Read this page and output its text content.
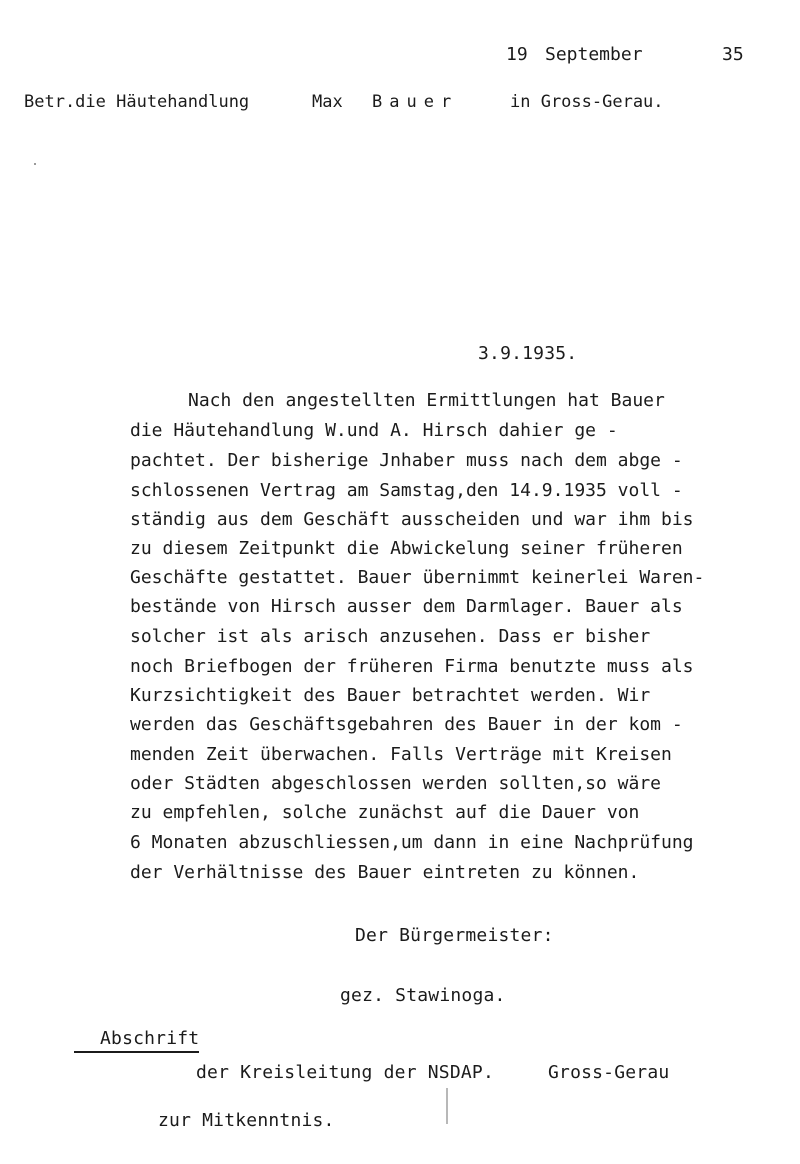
19 September	35
Betr.die Häutehandlung	Max Bauer	in Gross-Gerau.
3.9.1935.
Nach den angestellten Ermittlungen hat Bauer
die Häutehandlung W.und A. Hirsch dahier ge -
pachtet. Der bisherige Jnhaber muss nach dem abge -
schlossenen Vertrag am Samstag,den 14.9.1935 voll -
ständig aus dem Geschäft ausscheiden und war ihm bis
zu diesem Zeitpunkt die Abwickelung seiner früheren
Geschäfte gestattet. Bauer übernimmt keinerlei Waren-
bestände von Hirsch ausser dem Darmlager. Bauer als
solcher ist als arisch anzusehen. Dass er bisher
noch Briefbogen der früheren Firma benutzte muss als
Kurzsichtigkeit des Bauer betrachtet werden. Wir
werden das Geschäftsgebahren des Bauer in der kom -
menden Zeit überwachen. Falls Verträge mit Kreisen
oder Städten abgeschlossen werden sollten,so wäre
zu empfehlen, solche zunächst auf die Dauer von
6 Monaten abzuschliessen,um dann in eine Nachprüfung
der Verhältnisse des Bauer eintreten zu können.
Der Bürgermeister:
gez. Stawinoga.
Abschrift
der Kreisleitung der NSDAP.	Gross-Gerau
zur Mitkenntnis.
